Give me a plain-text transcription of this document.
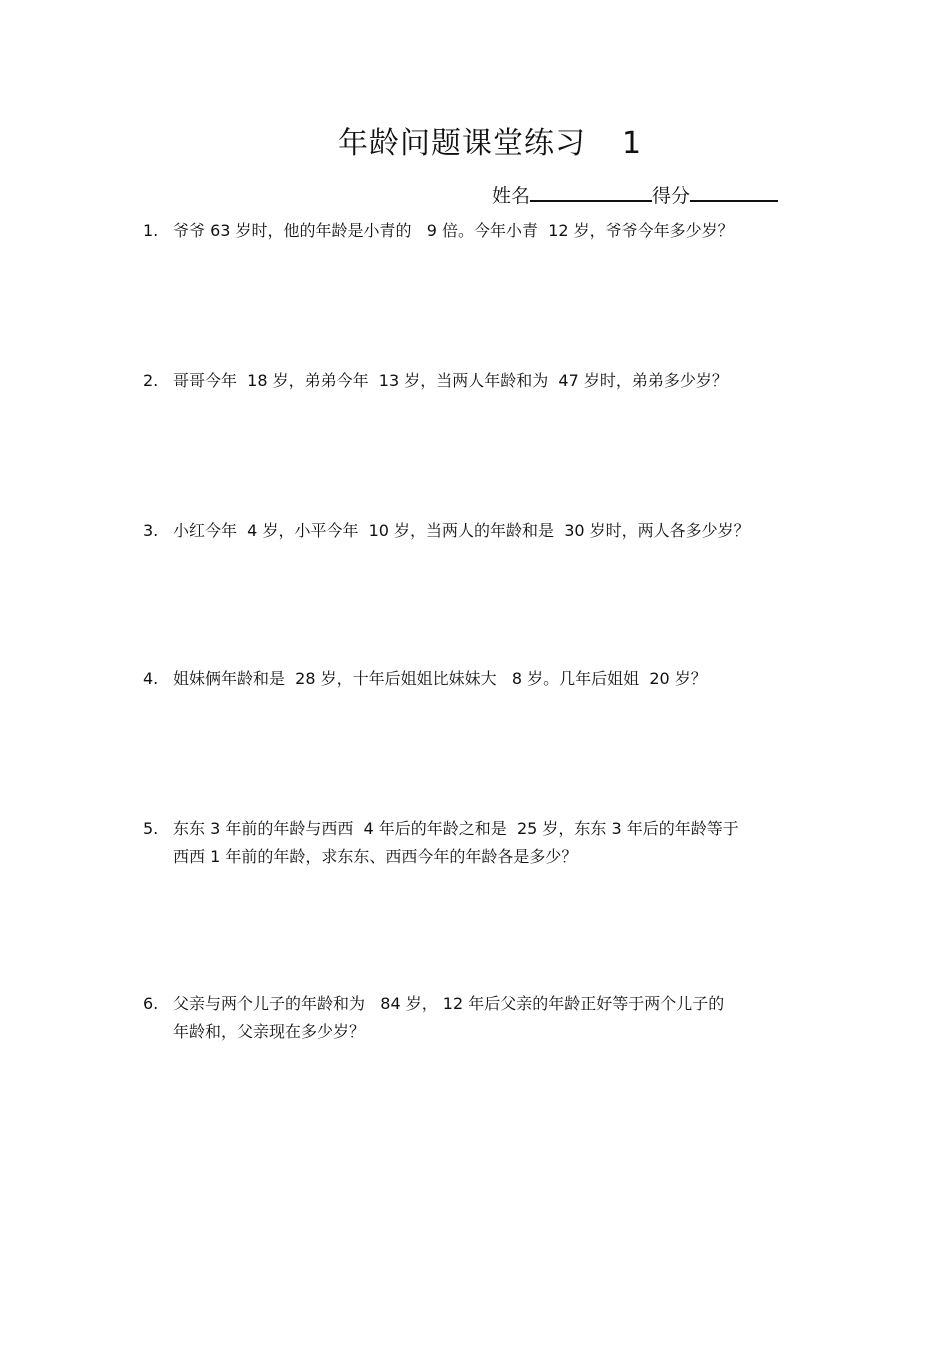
年龄问题课堂练习 1
姓名	得分
1. 爷爷 63 岁时，他的年龄是小青的   9 倍。今年小青  12 岁，爷爷今年多少岁？
2. 哥哥今年  18 岁，弟弟今年  13 岁，当两人年龄和为  47 岁时，弟弟多少岁？
3. 小红今年  4 岁，小平今年  10 岁，当两人的年龄和是  30 岁时，两人各多少岁？
4. 姐妹俩年龄和是  28 岁，十年后姐姐比妹妹大   8 岁。几年后姐姐  20 岁？
5. 东东 3 年前的年龄与西西  4 年后的年龄之和是  25 岁，东东 3 年后的年龄等于
西西 1 年前的年龄，求东东、西西今年的年龄各是多少？
6. 父亲与两个儿子的年龄和为   84 岁， 12 年后父亲的年龄正好等于两个儿子的
年龄和，父亲现在多少岁？
